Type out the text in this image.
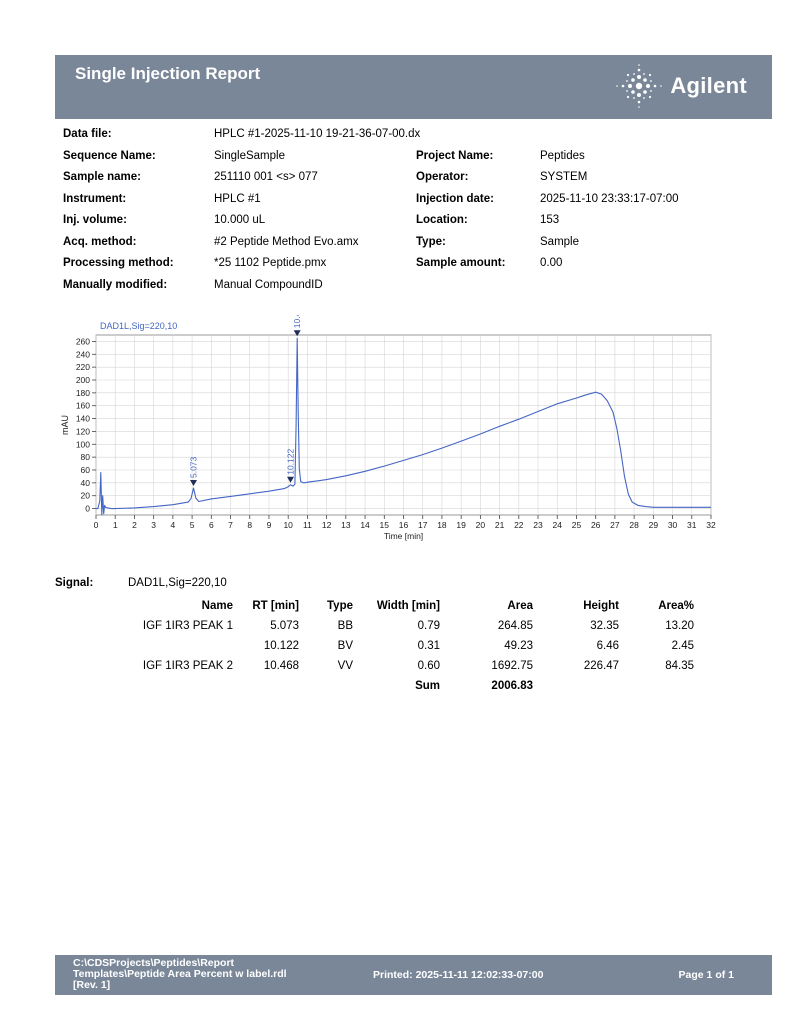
Single Injection Report	Agilent
Data file:	HPLC #1-2025-11-10 19-21-36-07-00.dx
Sequence Name:	SingleSample
Sample name:	251110 001 <s> 077
Instrument:	HPLC #1
Inj. volume:	10.000 uL
Acq. method:	#2 Peptide Method Evo.amx
Processing method:	*25 1102 Peptide.pmx
Manually modified:	Manual CompoundID
Project Name:	Peptides
Operator:	SYSTEM
Injection date:	2025-11-10 23:33:17-07:00
Location:	153
Type:	Sample
Sample amount:	0.00
0 1 2 3 4 5 6 7 8 9 10 11 12 13 14 15 16 17 18 19 20 21 22 23 24 25 26 27 28 29 30 31 32
0
20
40
60
80
100
120
140
160
180
200
220
240
260
DAD1L,Sig=220,10
Time [min]
mAU
5.073	10.122
10.468
Signal:	DAD1L,Sig=220,10
Name	RT [min]	Type	Width [min]	Area	Height	Area%
IGF 1IR3 PEAK 1	5.073	BB	0.79	264.85	32.35	13.20
	10.122	BV	0.31	49.23	6.46	2.45
IGF 1IR3 PEAK 2	10.468	VV	0.60	1692.75	226.47	84.35
			Sum	2006.83		
C:\CDSProjects\Peptides\Report
Templates\Peptide Area Percent w label.rdl
[Rev. 1]
Printed: 2025-11-11 12:02:33-07:00	Page 1 of 1
